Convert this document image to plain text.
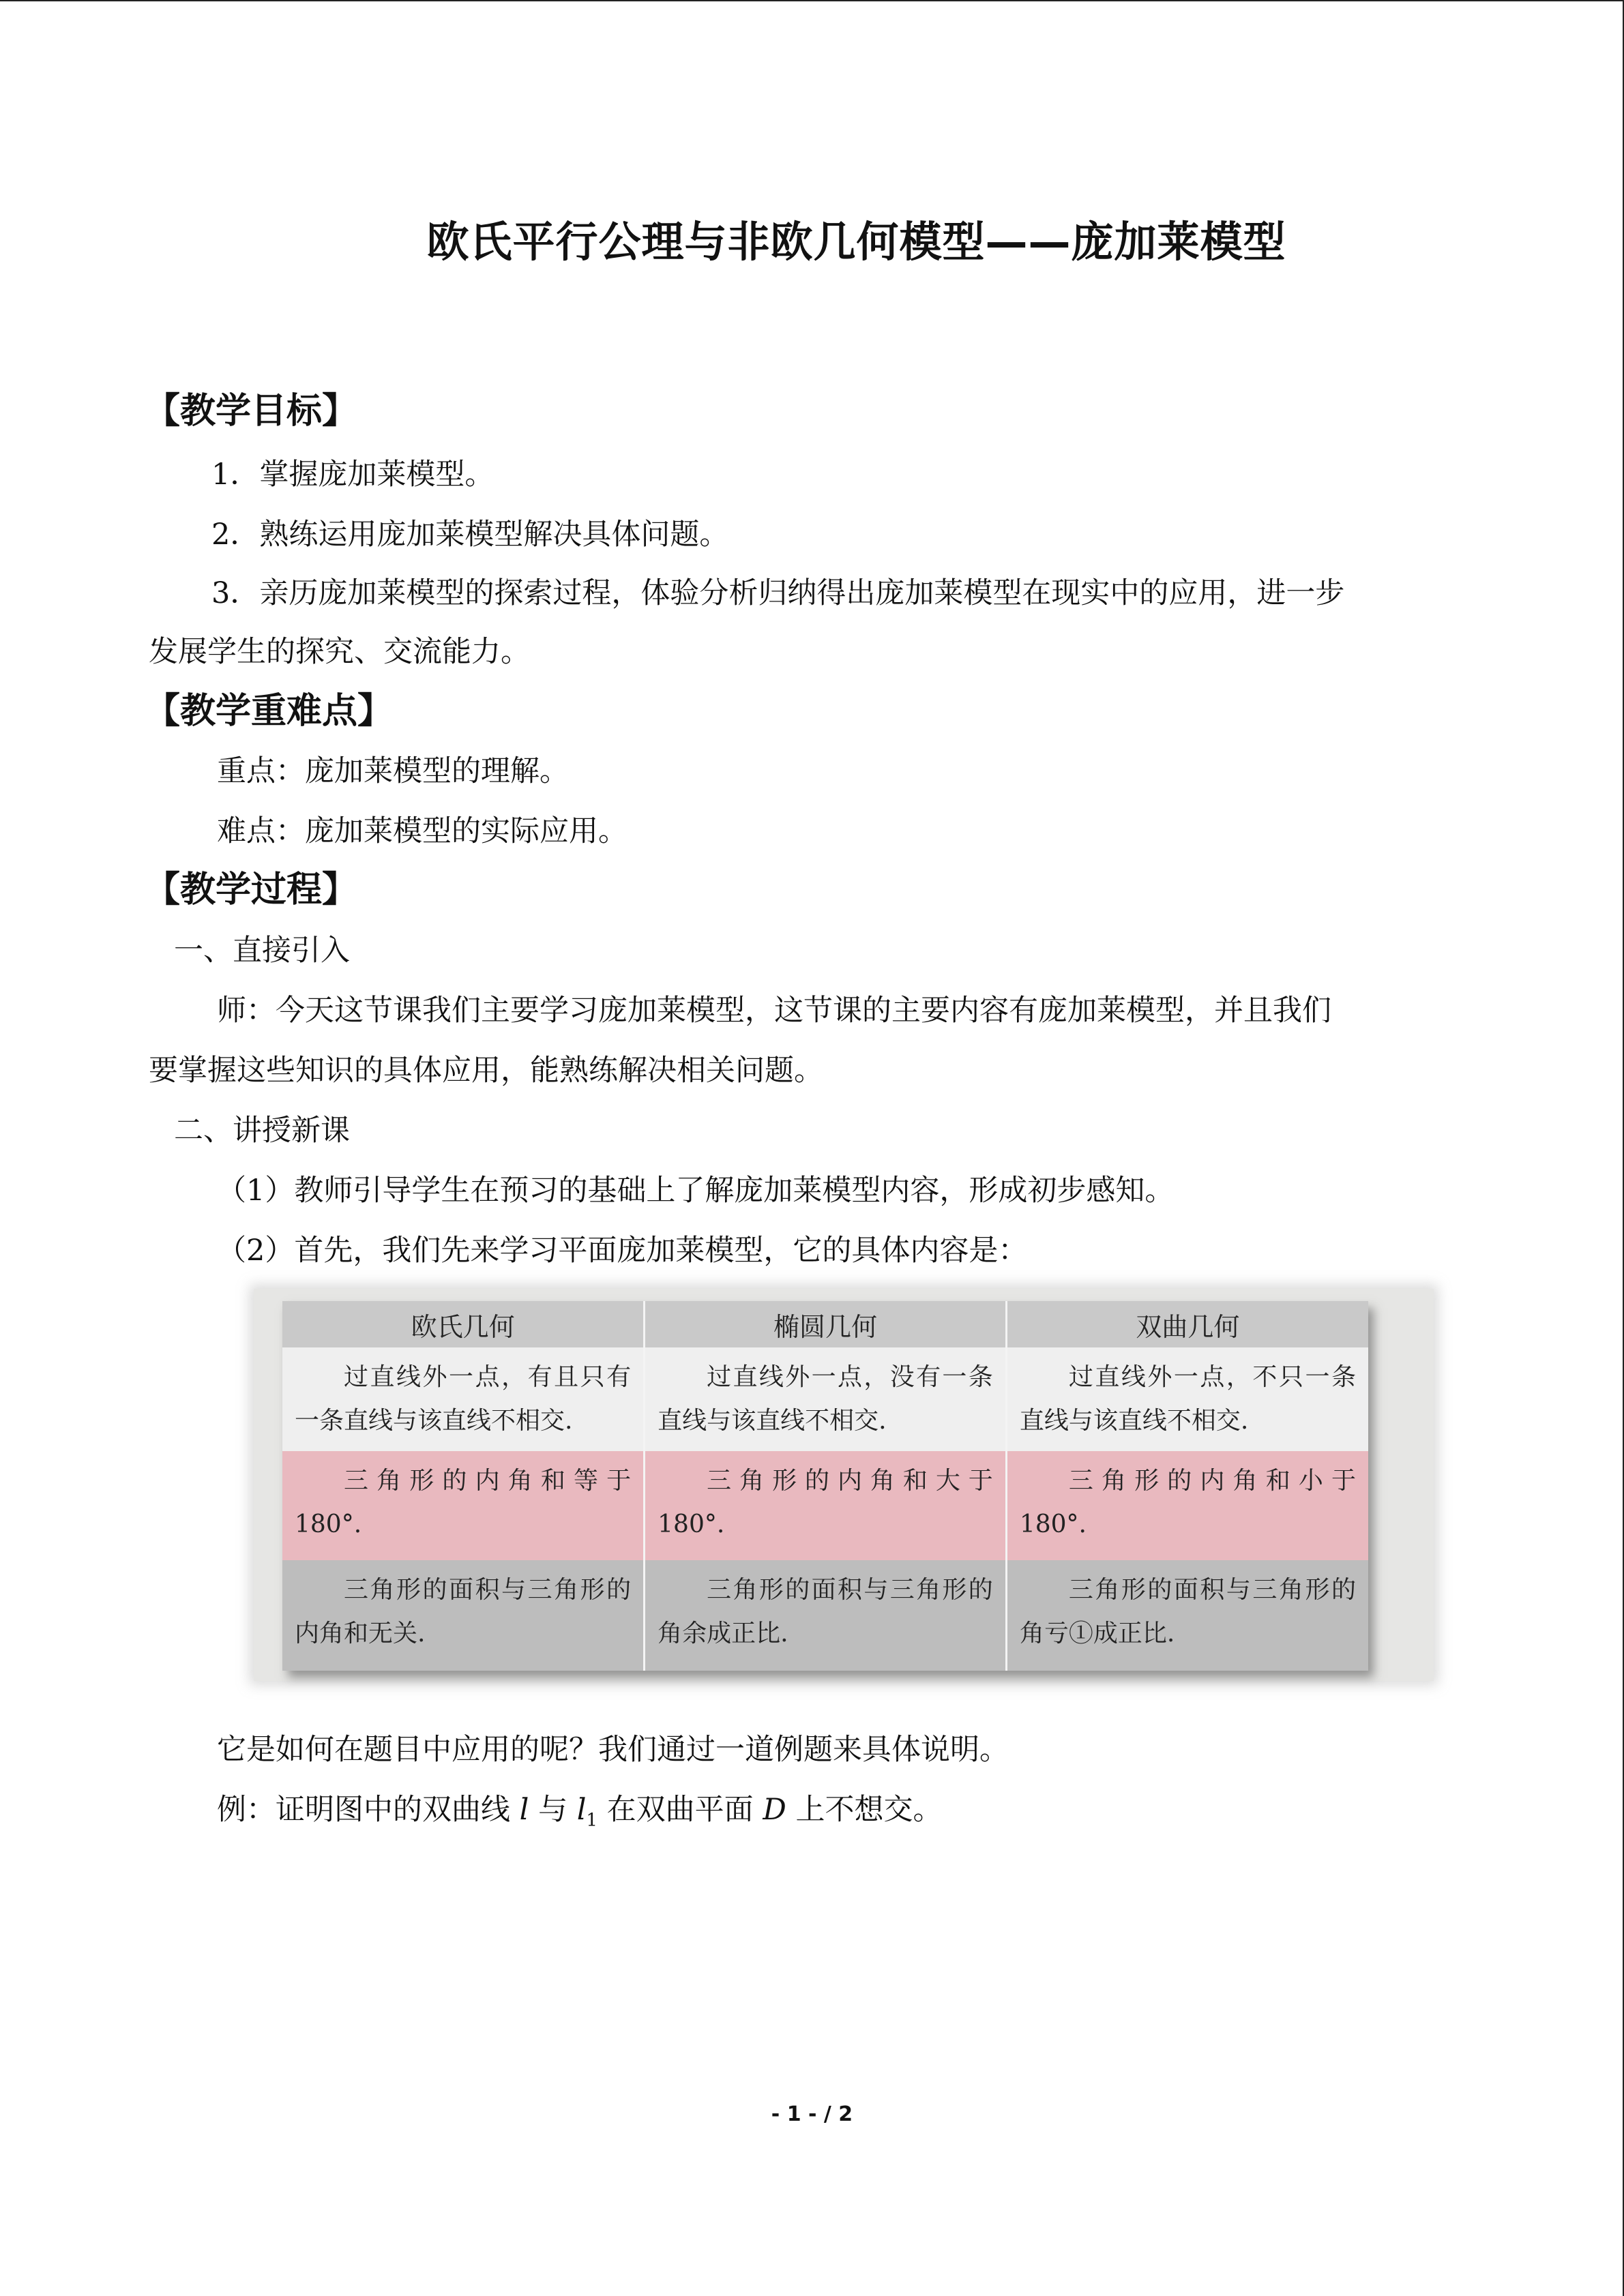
欧氏平行公理与非欧几何模型——庞加莱模型
【教学目标】
1．掌握庞加莱模型。
2．熟练运用庞加莱模型解决具体问题。
3．亲历庞加莱模型的探索过程，体验分析归纳得出庞加莱模型在现实中的应用，进一步
发展学生的探究、交流能力。
【教学重难点】
重点：庞加莱模型的理解。
难点：庞加莱模型的实际应用。
【教学过程】
一、直接引入
师：今天这节课我们主要学习庞加莱模型，这节课的主要内容有庞加莱模型，并且我们
要掌握这些知识的具体应用，能熟练解决相关问题。
二、讲授新课
（1）教师引导学生在预习的基础上了解庞加莱模型内容，形成初步感知。
（2）首先，我们先来学习平面庞加莱模型，它的具体内容是：
欧氏几何	椭圆几何	双曲几何

过直线外一点，有且只有一条直线与该直线不相交.	过直线外一点，没有一条直线与该直线不相交.	过直线外一点，不只一条直线与该直线不相交.

三角形的内角和等于180°.	三角形的内角和大于180°.	三角形的内角和小于180°.

三角形的面积与三角形的内角和无关.	三角形的面积与三角形的角余成正比.	三角形的面积与三角形的角亏①成正比.
它是如何在题目中应用的呢？我们通过一道例题来具体说明。
例：证明图中的双曲线 l 与 $l_1$ 在双曲平面 D 上不想交。
- 1 - / 2
